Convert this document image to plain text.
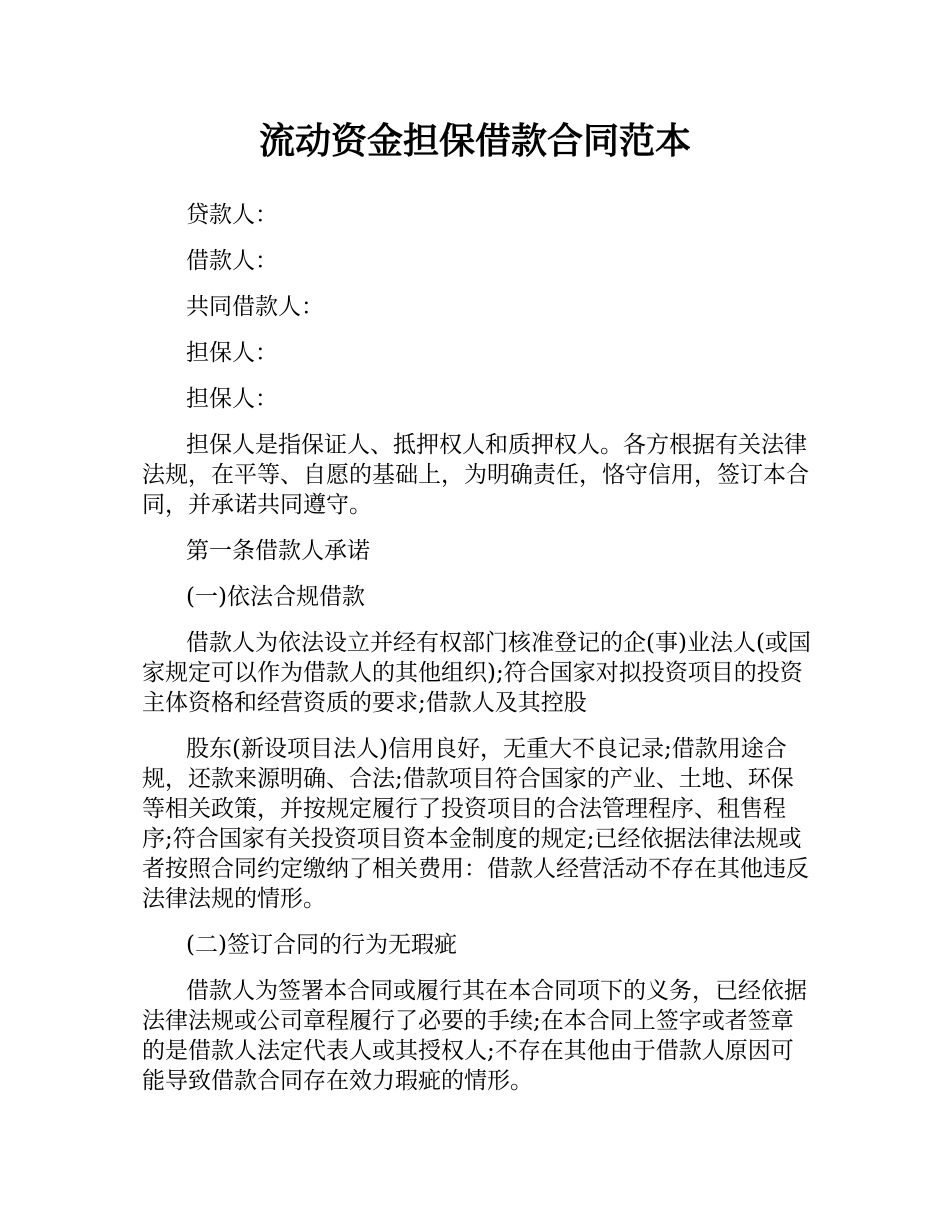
流动资金担保借款合同范本

贷款人：

借款人：

共同借款人：

担保人：

担保人：

担保人是指保证人、抵押权人和质押权人。各方根据有关法律法规，在平等、自愿的基础上，为明确责任，恪守信用，签订本合同，并承诺共同遵守。

第一条借款人承诺

(一)依法合规借款

借款人为依法设立并经有权部门核准登记的企(事)业法人(或国家规定可以作为借款人的其他组织);符合国家对拟投资项目的投资主体资格和经营资质的要求;借款人及其控股

股东(新设项目法人)信用良好，无重大不良记录;借款用途合规，还款来源明确、合法;借款项目符合国家的产业、土地、环保等相关政策，并按规定履行了投资项目的合法管理程序、租售程序;符合国家有关投资项目资本金制度的规定;已经依据法律法规或者按照合同约定缴纳了相关费用：借款人经营活动不存在其他违反法律法规的情形。

(二)签订合同的行为无瑕疵

借款人为签署本合同或履行其在本合同项下的义务，已经依据法律法规或公司章程履行了必要的手续;在本合同上签字或者签章的是借款人法定代表人或其授权人;不存在其他由于借款人原因可能导致借款合同存在效力瑕疵的情形。
